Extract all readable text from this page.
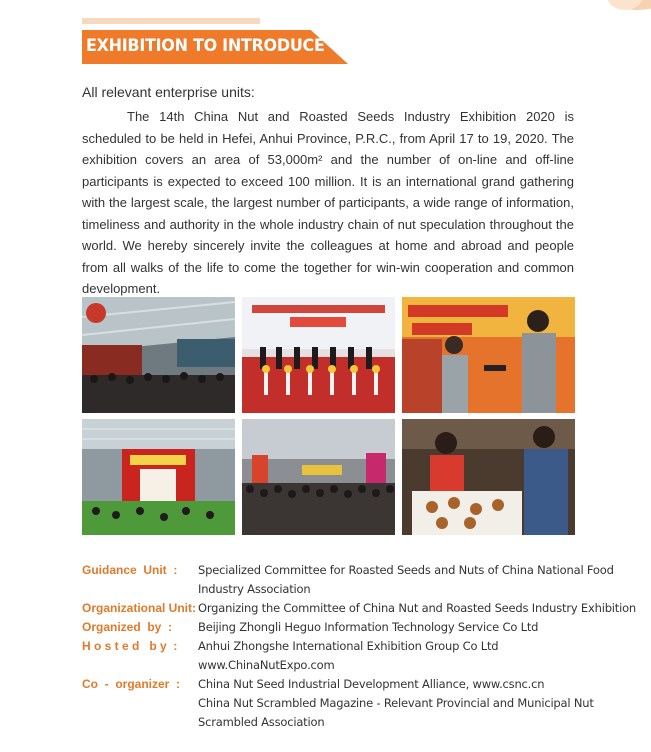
EXHIBITION TO INTRODUCE

All relevant enterprise units:

The 14th China Nut and Roasted Seeds Industry Exhibition 2020 is scheduled to be held in Hefei, Anhui Province, P.R.C., from April 17 to 19, 2020. The exhibition covers an area of 53,000m² and the number of on-line and off-line participants is expected to exceed 100 million. It is an international grand gathering with the largest scale, the largest number of participants, a wide range of information, timeliness and authority in the whole industry chain of nut speculation throughout the world. We hereby sincerely invite the colleagues at home and abroad and people from all walks of the life to come the together for win-win cooperation and common development.

Guidance  Unit  :	Specialized Committee for Roasted Seeds and Nuts of China National Food
Industry Association
Organizational Unit: Organizing the Committee of China Nut and Roasted Seeds Industry Exhibition
Organized  by  :	Beijing Zhongli Heguo Information Technology Service Co Ltd
H o s t e d   b y  :	Anhui Zhongshe International Exhibition Group Co Ltd
www.ChinaNutExpo.com
Co  -  organizer  :	China Nut Seed Industrial Development Alliance, www.csnc.cn
China Nut Scrambled Magazine - Relevant Provincial and Municipal Nut
Scrambled Association
